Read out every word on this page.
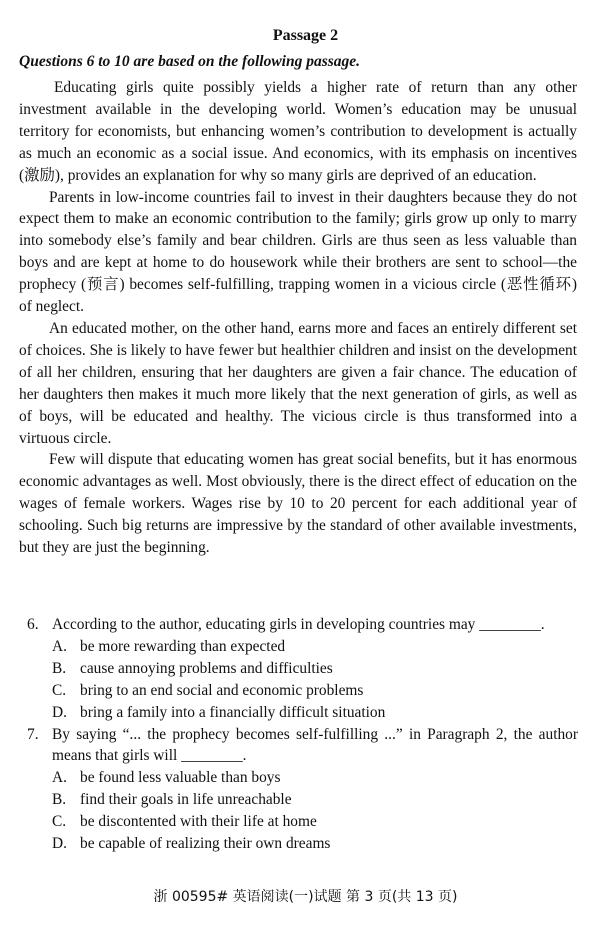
Passage 2
Questions 6 to 10 are based on the following passage.

Educating girls quite possibly yields a higher rate of return than any other investment available in the developing world. Women’s education may be unusual territory for economists, but enhancing women’s contribution to development is actually as much an economic as a social issue. And economics, with its emphasis on incentives (激励), provides an explanation for why so many girls are deprived of an education.

Parents in low-income countries fail to invest in their daughters because they do not expect them to make an economic contribution to the family; girls grow up only to marry into somebody else’s family and bear children. Girls are thus seen as less valuable than boys and are kept at home to do housework while their brothers are sent to school—the prophecy (预言) becomes self-fulfilling, trapping women in a vicious circle (恶性循环) of neglect.

An educated mother, on the other hand, earns more and faces an entirely different set of choices. She is likely to have fewer but healthier children and insist on the development of all her children, ensuring that her daughters are given a fair chance. The education of her daughters then makes it much more likely that the next generation of girls, as well as of boys, will be educated and healthy. The vicious circle is thus transformed into a virtuous circle.

Few will dispute that educating women has great social benefits, but it has enormous economic advantages as well. Most obviously, there is the direct effect of education on the wages of female workers. Wages rise by 10 to 20 percent for each additional year of schooling. Such big returns are impressive by the standard of other available investments, but they are just the beginning.

6. According to the author, educating girls in developing countries may ________.
A. be more rewarding than expected
B. cause annoying problems and difficulties
C. bring to an end social and economic problems
D. bring a family into a financially difficult situation
7. By saying “... the prophecy becomes self-fulfilling ...” in Paragraph 2, the author means that girls will ________.
A. be found less valuable than boys
B. find their goals in life unreachable
C. be discontented with their life at home
D. be capable of realizing their own dreams
浙 00595# 英语阅读(一)试题 第 3 页(共 13 页)
